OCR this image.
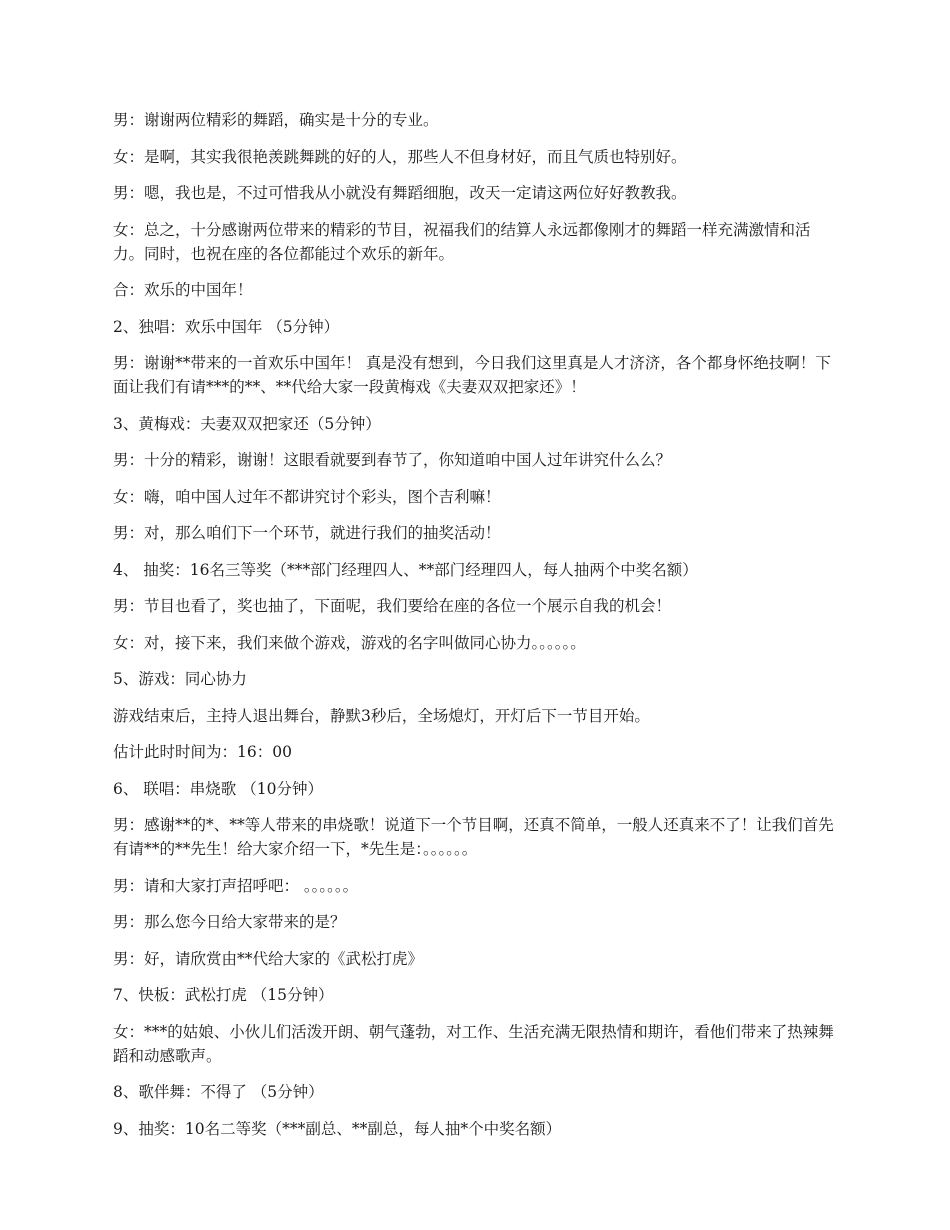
男：谢谢两位精彩的舞蹈，确实是十分的专业。

女：是啊，其实我很艳羡跳舞跳的好的人，那些人不但身材好，而且气质也特别好。

男：嗯，我也是，不过可惜我从小就没有舞蹈细胞，改天一定请这两位好好教教我。

女：总之，十分感谢两位带来的精彩的节目，祝福我们的结算人永远都像刚才的舞蹈一样充满激情和活力。同时，也祝在座的各位都能过个欢乐的新年。

合：欢乐的中国年！

2、独唱：欢乐中国年 （5分钟）

男：谢谢**带来的一首欢乐中国年！ 真是没有想到，今日我们这里真是人才济济，各个都身怀绝技啊！下面让我们有请***的**、**代给大家一段黄梅戏《夫妻双双把家还》！

3、黄梅戏：夫妻双双把家还（5分钟）

男：十分的精彩，谢谢！这眼看就要到春节了，你知道咱中国人过年讲究什么么？

女：嗨，咱中国人过年不都讲究讨个彩头，图个吉利嘛！

男：对，那么咱们下一个环节，就进行我们的抽奖活动！

4、 抽奖：16名三等奖（***部门经理四人、**部门经理四人，每人抽两个中奖名额）

男：节目也看了，奖也抽了，下面呢，我们要给在座的各位一个展示自我的机会！

女：对，接下来，我们来做个游戏，游戏的名字叫做同心协力。。。。。。

5、游戏：同心协力

游戏结束后，主持人退出舞台，静默3秒后，全场熄灯，开灯后下一节目开始。

估计此时时间为：16：00

6、 联唱：串烧歌 （10分钟）

男：感谢**的*、**等人带来的串烧歌！说道下一个节目啊，还真不简单，一般人还真来不了！让我们首先有请**的**先生！给大家介绍一下，*先生是：。。。。。。

男：请和大家打声招呼吧： 。。。。。。

男：那么您今日给大家带来的是？

男：好，请欣赏由**代给大家的《武松打虎》

7、快板：武松打虎 （15分钟）

女：***的姑娘、小伙儿们活泼开朗、朝气蓬勃，对工作、生活充满无限热情和期许，看他们带来了热辣舞蹈和动感歌声。

8、歌伴舞：不得了 （5分钟）

9、抽奖：10名二等奖（***副总、**副总，每人抽*个中奖名额）
